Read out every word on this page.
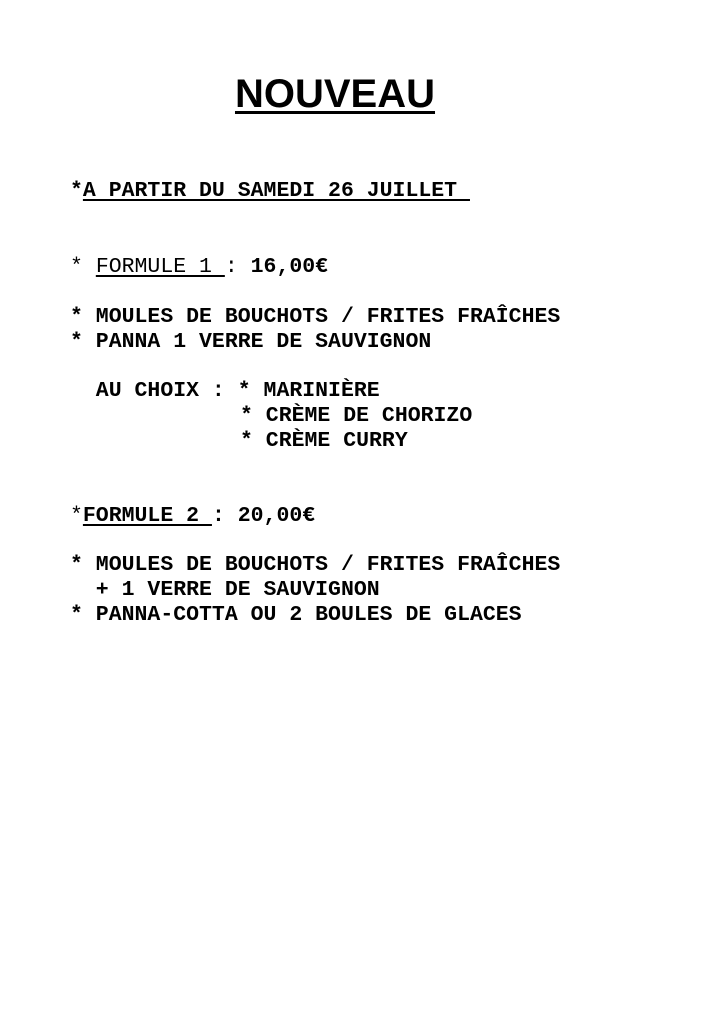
NOUVEAU

*A PARTIR DU SAMEDI 26 JUILLET

* FORMULE 1 : 16,00€

* MOULES DE BOUCHOTS / FRITES FRAÎCHES

* PANNA 1 VERRE DE SAUVIGNON

AU CHOIX : * MARINIÈRE

* CRÈME DE CHORIZO

* CRÈME CURRY

*FORMULE 2 : 20,00€

* MOULES DE BOUCHOTS / FRITES FRAÎCHES

+ 1 VERRE DE SAUVIGNON

* PANNA-COTTA OU 2 BOULES DE GLACES
